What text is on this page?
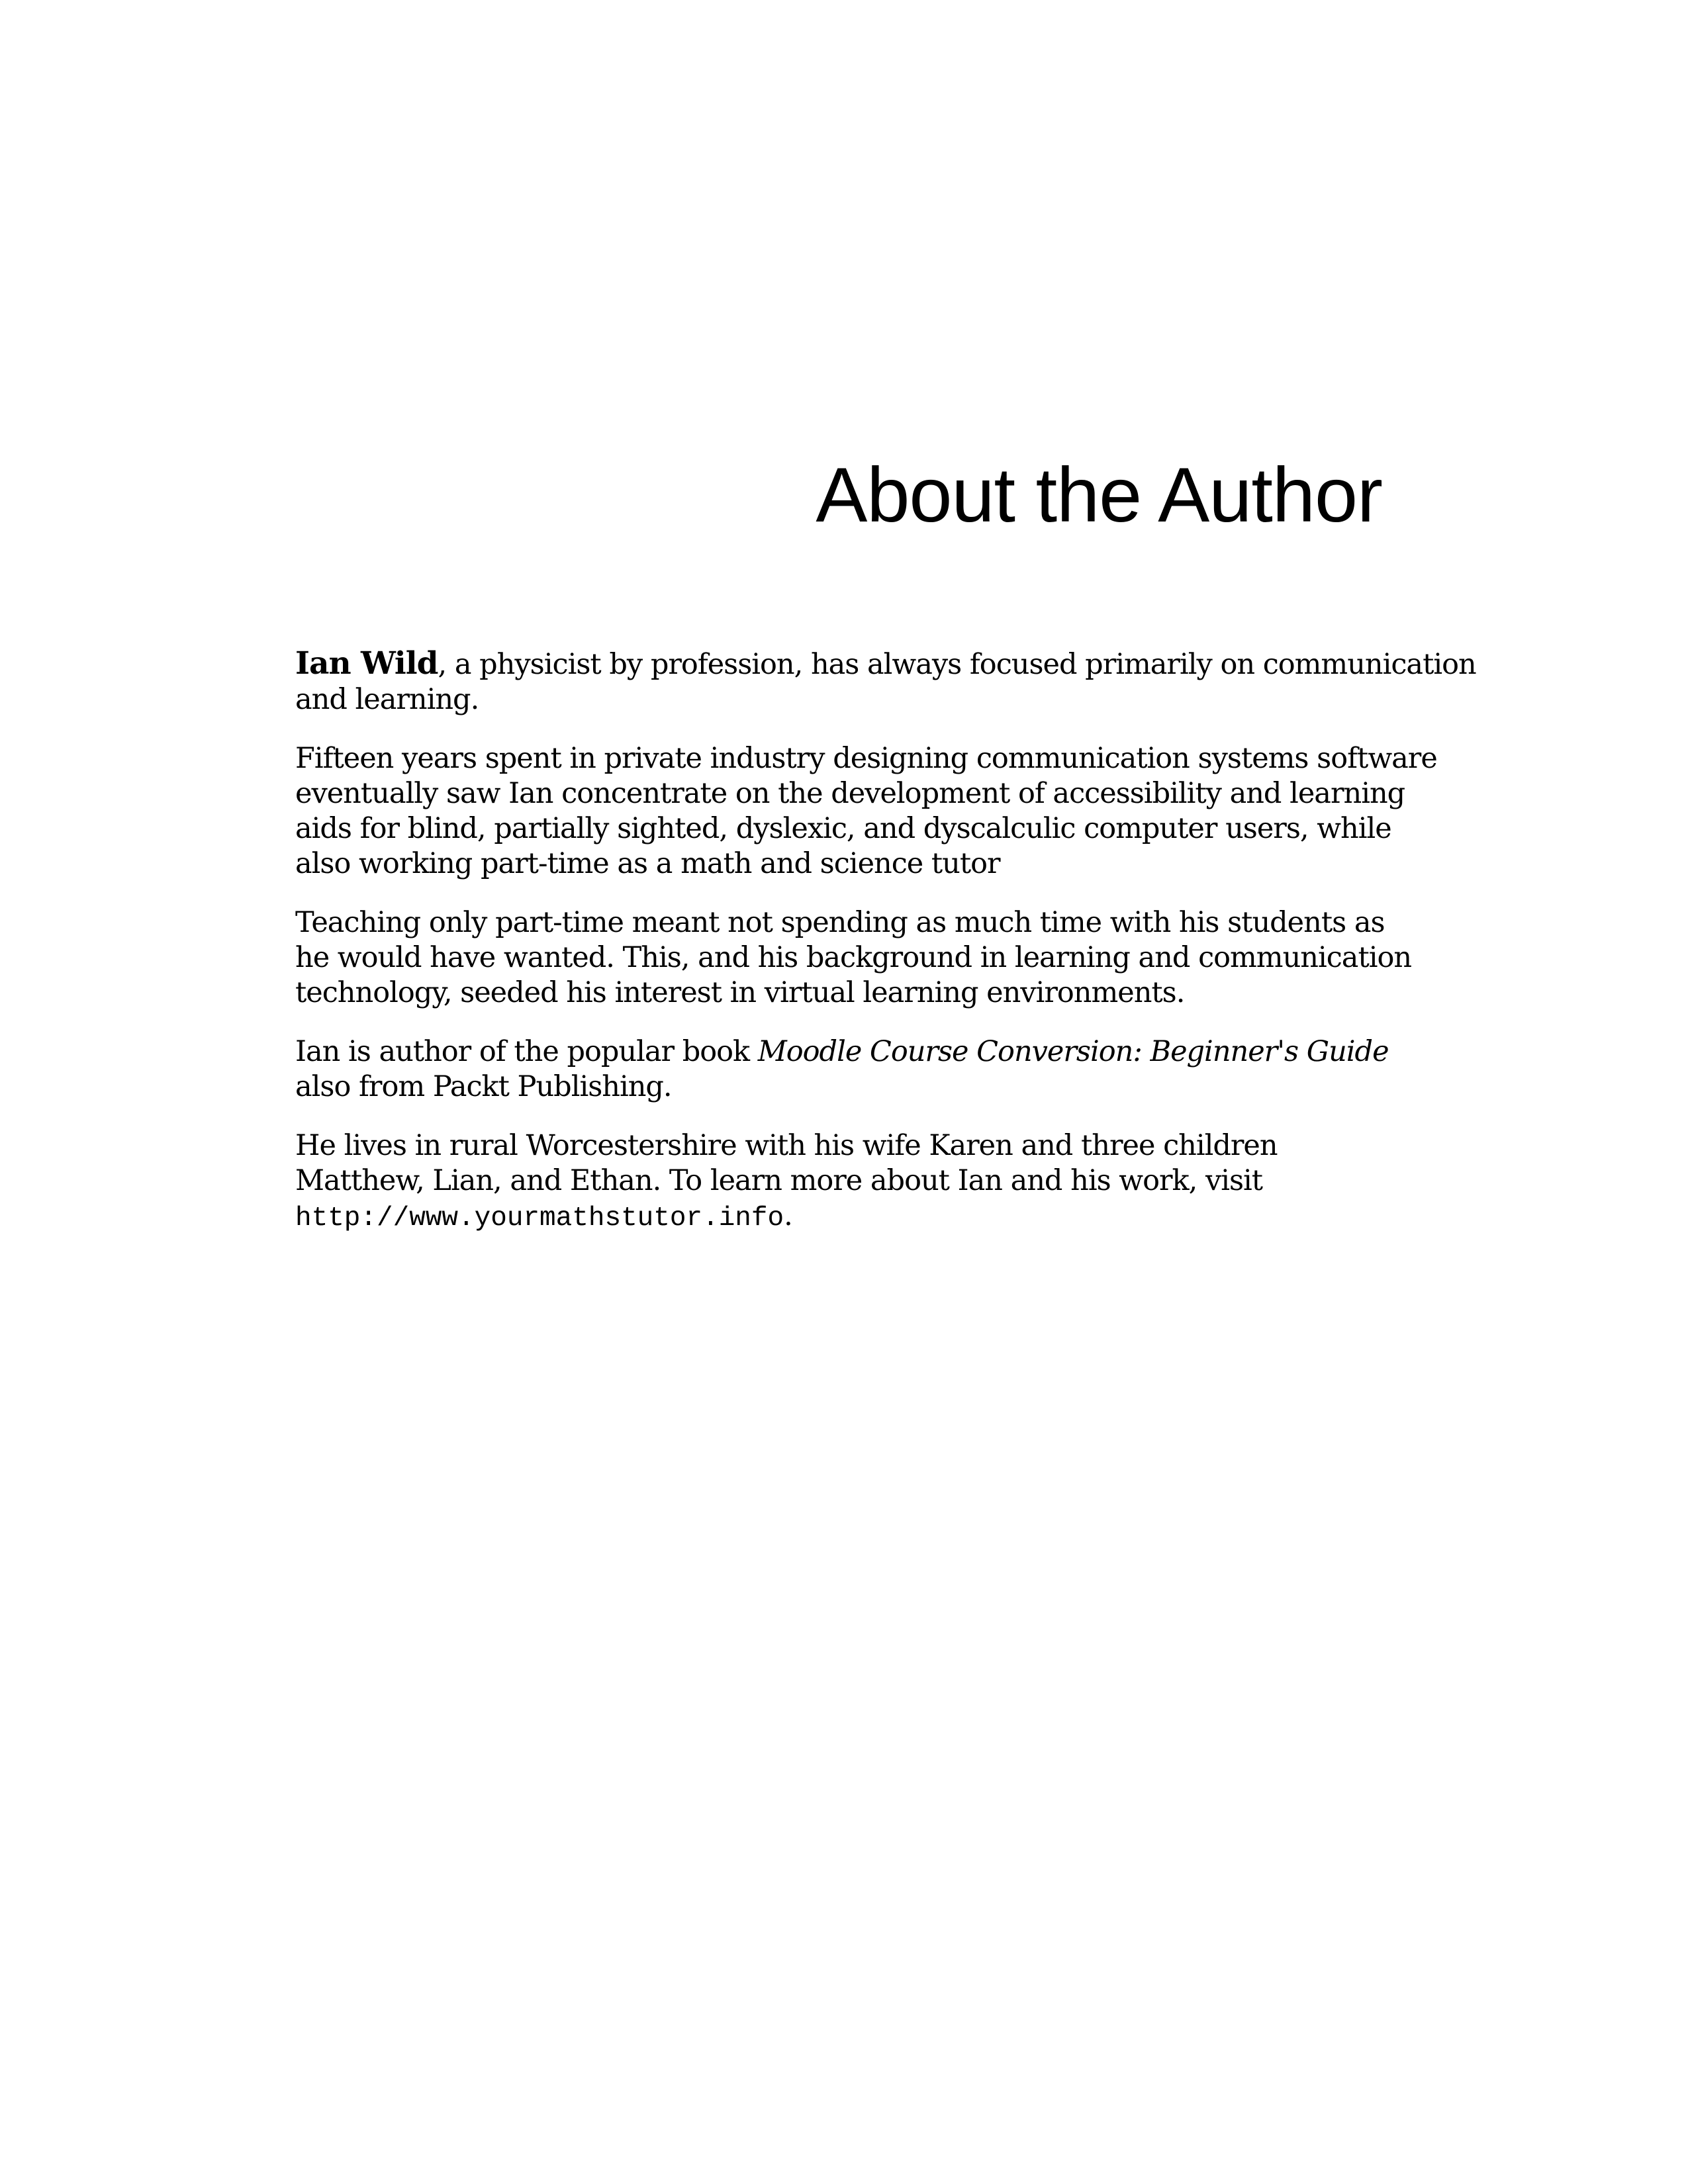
About the Author

Ian Wild, a physicist by profession, has always focused primarily on communication
and learning.

Fifteen years spent in private industry designing communication systems software
eventually saw Ian concentrate on the development of accessibility and learning
aids for blind, partially sighted, dyslexic, and dyscalculic computer users, while
also working part-time as a math and science tutor

Teaching only part-time meant not spending as much time with his students as
he would have wanted. This, and his background in learning and communication
technology, seeded his interest in virtual learning environments.

Ian is author of the popular book Moodle Course Conversion: Beginner's Guide
also from Packt Publishing.

He lives in rural Worcestershire with his wife Karen and three children
Matthew, Lian, and Ethan. To learn more about Ian and his work, visit
http://www.yourmathstutor.info.
